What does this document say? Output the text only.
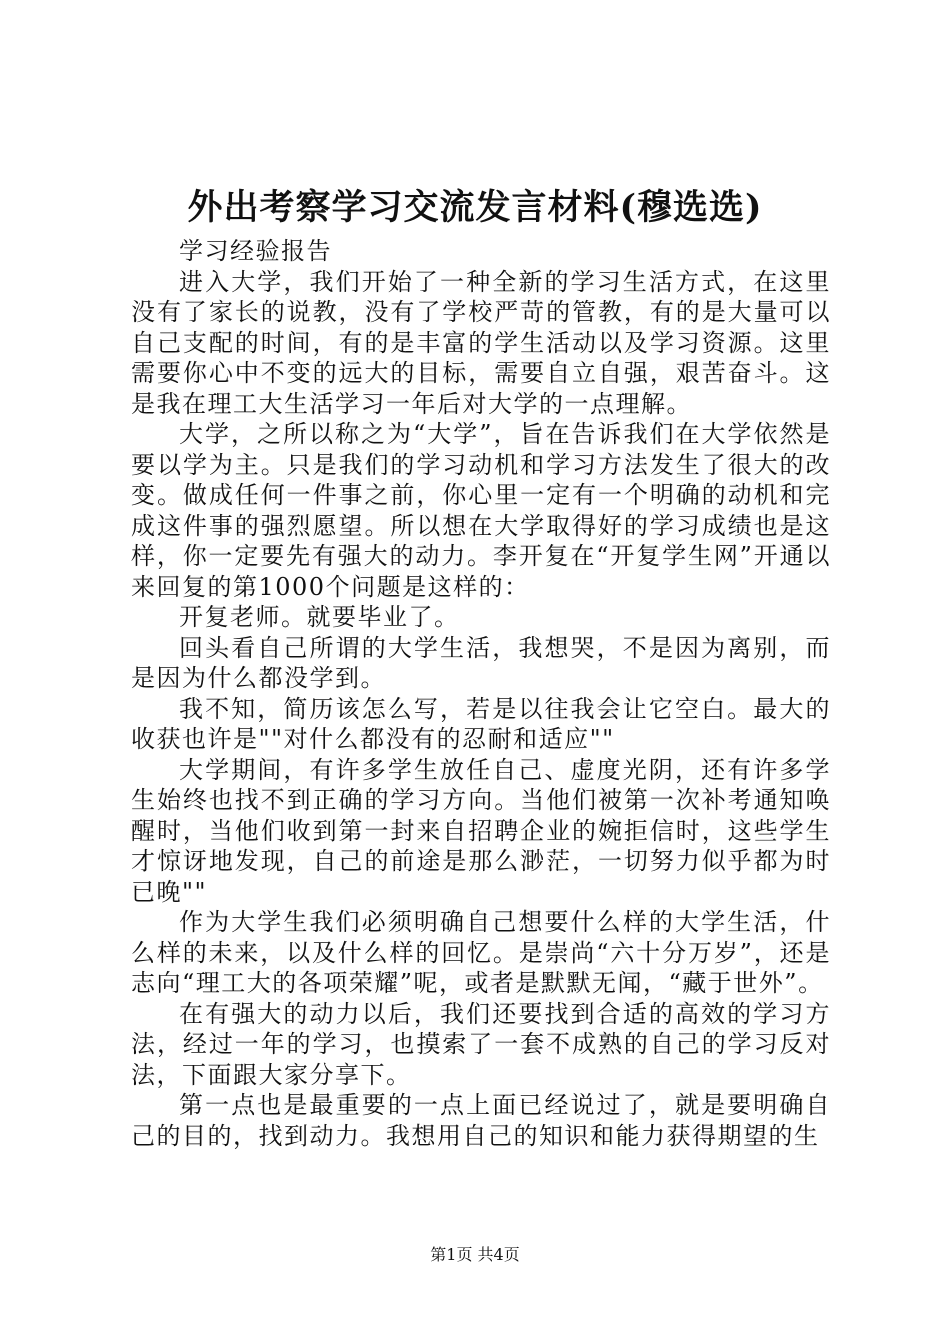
外出考察学习交流发言材料(穆选选)

学习经验报告

进入大学，我们开始了一种全新的学习生活方式，在这里没有了家长的说教，没有了学校严苛的管教，有的是大量可以自己支配的时间，有的是丰富的学生活动以及学习资源。这里需要你心中不变的远大的目标，需要自立自强，艰苦奋斗。这是我在理工大生活学习一年后对大学的一点理解。

大学，之所以称之为“大学”，旨在告诉我们在大学依然是要以学为主。只是我们的学习动机和学习方法发生了很大的改变。做成任何一件事之前，你心里一定有一个明确的动机和完成这件事的强烈愿望。所以想在大学取得好的学习成绩也是这样，你一定要先有强大的动力。李开复在“开复学生网”开通以来回复的第1000个问题是这样的：

开复老师。就要毕业了。

回头看自己所谓的大学生活，我想哭，不是因为离别，而是因为什么都没学到。

我不知，简历该怎么写，若是以往我会让它空白。最大的收获也许是""对什么都没有的忍耐和适应""

大学期间，有许多学生放任自己、虚度光阴，还有许多学生始终也找不到正确的学习方向。当他们被第一次补考通知唤醒时，当他们收到第一封来自招聘企业的婉拒信时，这些学生才惊讶地发现，自己的前途是那么渺茫，一切努力似乎都为时已晚""

作为大学生我们必须明确自己想要什么样的大学生活，什么样的未来，以及什么样的回忆。是崇尚“六十分万岁”，还是志向“理工大的各项荣耀”呢，或者是默默无闻，“藏于世外”。

在有强大的动力以后，我们还要找到合适的高效的学习方法，经过一年的学习，也摸索了一套不成熟的自己的学习反对法，下面跟大家分享下。

第一点也是最重要的一点上面已经说过了，就是要明确自己的目的，找到动力。我想用自己的知识和能力获得期望的生

第1页 共4页
